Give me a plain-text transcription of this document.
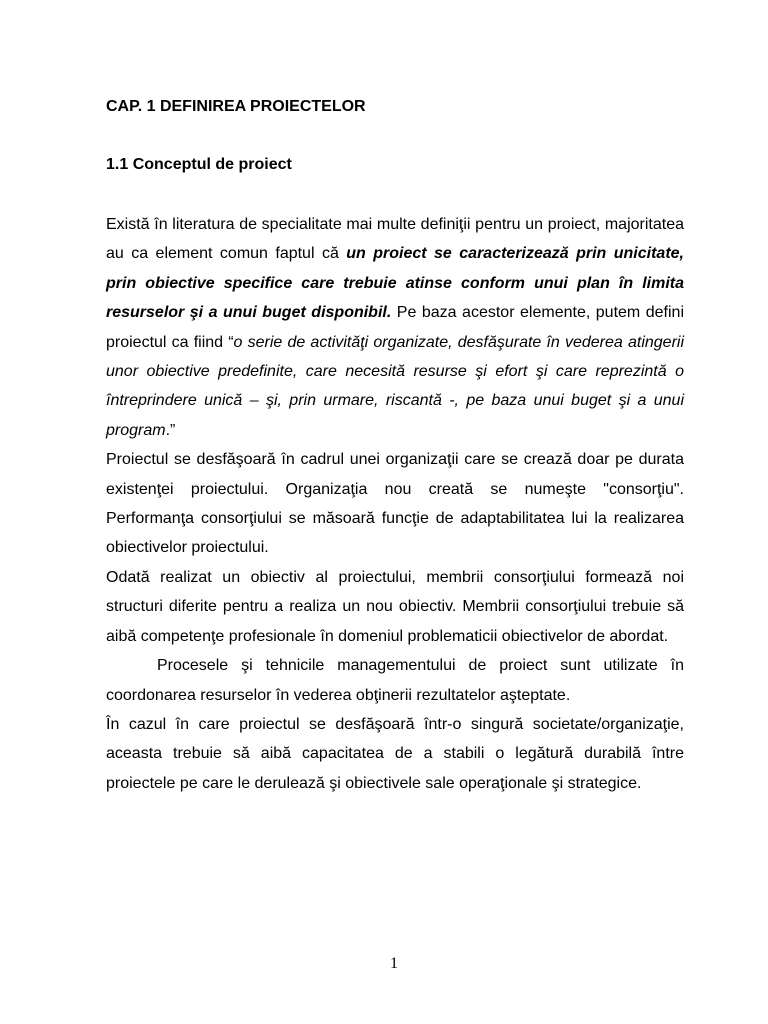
CAP. 1 DEFINIREA PROIECTELOR
1.1 Conceptul de proiect

Există în literatura de specialitate mai multe definiţii pentru un proiect, majoritatea au ca element comun faptul că un proiect se caracterizează prin unicitate, prin obiective specifice care trebuie atinse conform unui plan în limita resurselor şi a unui buget disponibil. Pe baza acestor elemente, putem defini proiectul ca fiind “o serie de activităţi organizate, desfăşurate în vederea atingerii unor obiective predefinite, care necesită resurse şi efort şi care reprezintă o întreprindere unică – şi, prin urmare, riscantă -, pe baza unui buget şi a unui program.”

Proiectul se desfăşoară în cadrul unei organizaţii care se crează doar pe durata existenţei proiectului. Organizaţia nou creată se numeşte "consorţiu". Performanţa consorţiului se măsoară funcţie de adaptabilitatea lui la realizarea obiectivelor proiectului.

Odată realizat un obiectiv al proiectului, membrii consorţiului formează noi structuri diferite pentru a realiza un nou obiectiv. Membrii consorţiului trebuie să aibă competenţe profesionale în domeniul problematicii obiectivelor de abordat.

Procesele şi tehnicile managementului de proiect sunt utilizate în coordonarea resurselor în vederea obţinerii rezultatelor aşteptate.

În cazul în care proiectul se desfăşoară într-o singură societate/organizaţie, aceasta trebuie să aibă capacitatea de a stabili o legătură durabilă între proiectele pe care le derulează şi obiectivele sale operaţionale şi strategice.

1
